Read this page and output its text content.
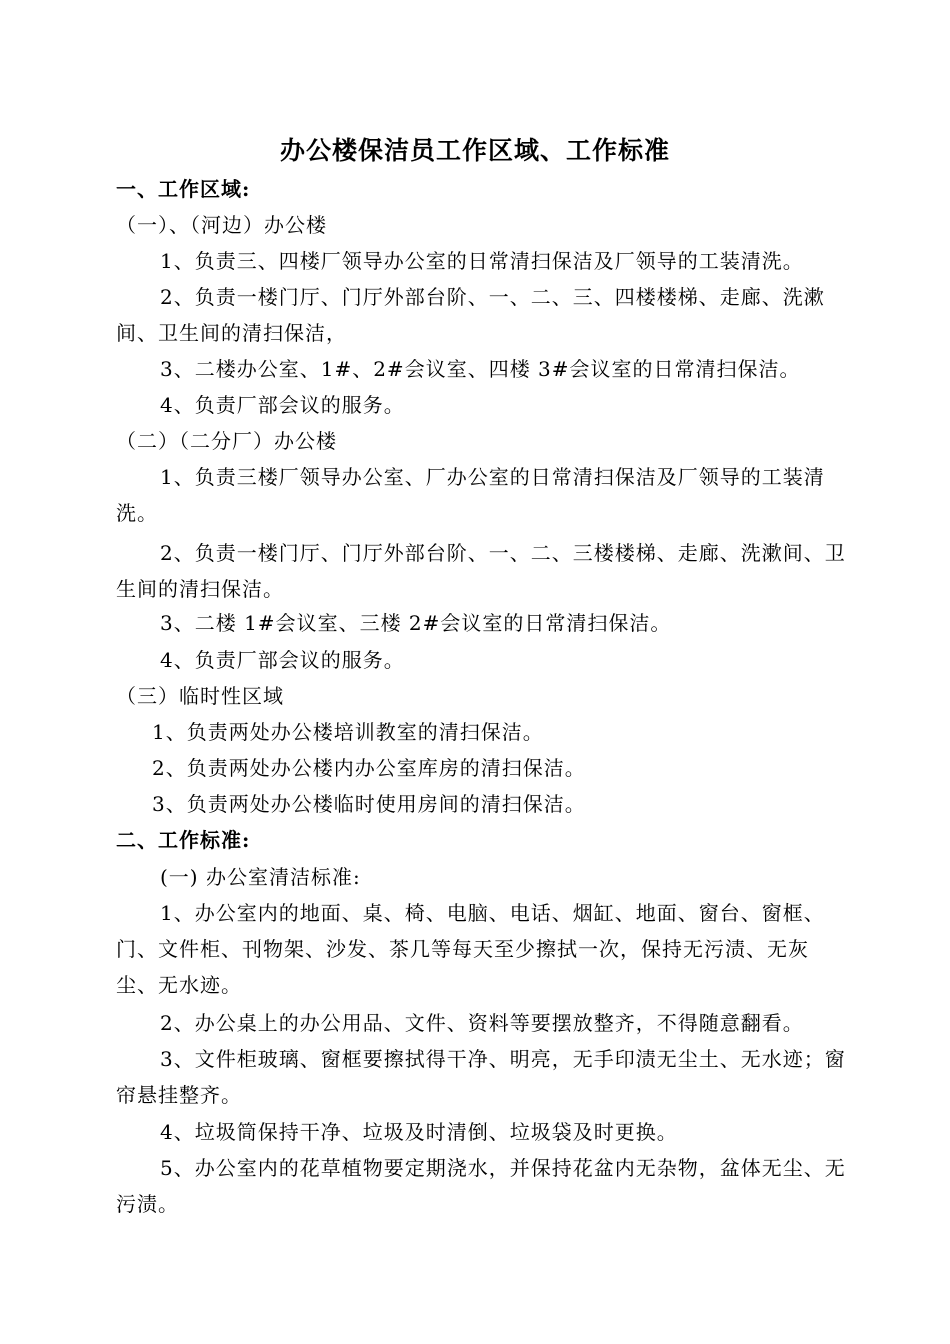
办公楼保洁员工作区域、工作标准
一、工作区域:
（一）、（河边）办公楼
1、负责三、四楼厂领导办公室的日常清扫保洁及厂领导的工装清洗。
2、负责一楼门厅、门厅外部台阶、一、二、三、四楼楼梯、走廊、洗漱间、卫生间的清扫保洁，
3、二楼办公室、1#、2#会议室、四楼 3#会议室的日常清扫保洁。
4、负责厂部会议的服务。
（二）（二分厂）办公楼
1、负责三楼厂领导办公室、厂办公室的日常清扫保洁及厂领导的工装清洗。
2、负责一楼门厅、门厅外部台阶、一、二、三楼楼梯、走廊、洗漱间、卫生间的清扫保洁。
3、二楼 1#会议室、三楼 2#会议室的日常清扫保洁。
4、负责厂部会议的服务。
（三）临时性区域
1、负责两处办公楼培训教室的清扫保洁。
2、负责两处办公楼内办公室库房的清扫保洁。
3、负责两处办公楼临时使用房间的清扫保洁。
二、工作标准:
(一) 办公室清洁标准:
1、办公室内的地面、桌、椅、电脑、电话、烟缸、地面、窗台、窗框、门、文件柜、刊物架、沙发、茶几等每天至少擦拭一次，保持无污渍、无灰尘、无水迹。
2、办公桌上的办公用品、文件、资料等要摆放整齐，不得随意翻看。
3、文件柜玻璃、窗框要擦拭得干净、明亮，无手印渍无尘土、无水迹；窗帘悬挂整齐。
4、垃圾筒保持干净、垃圾及时清倒、垃圾袋及时更换。
5、办公室内的花草植物要定期浇水，并保持花盆内无杂物，盆体无尘、无污渍。
